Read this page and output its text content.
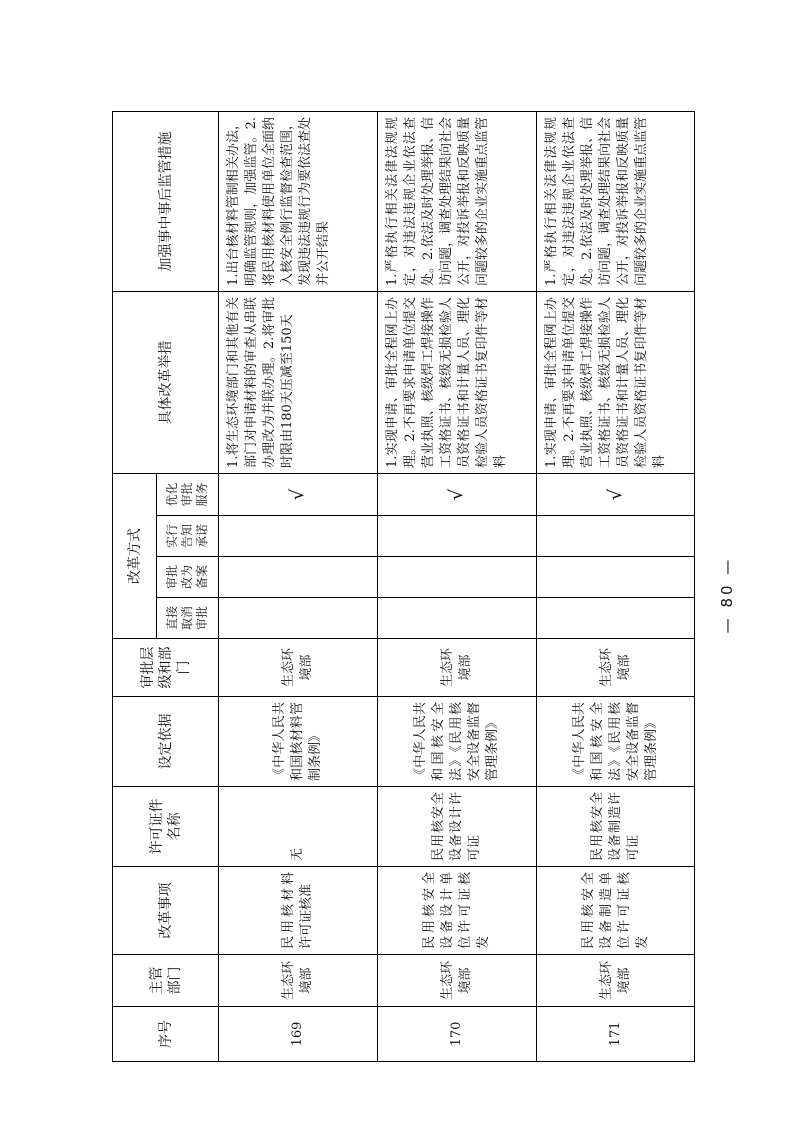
序号	主管部门	改革事项	许可证件名称	设定依据	审批层级和部门	改革方式				具体改革举措	加强事中事后监管措施
						直接取消审批	审批改为备案	实行告知承诺	优化审批服务		
169	生态环境部	民用核材料许可证核准	无	《中华人民共和国核材料管制条例》	生态环境部				√	1.将生态环境部门和其他有关部门对申请材料的审查从串联办理改为并联办理。2.将审批时限由180天压减至150天	1.出台核材料管制相关办法，明确监管规则，加强监管。2.将民用核材料使用单位全面纳入核安全例行监督检查范围，发现违法违规行为要依法查处并公开结果
170	生态环境部	民用核安全设备设计单位许可证核发	民用核安全设备设计许可证	《中华人民共和国核安全法》《民用核安全设备监督管理条例》	生态环境部				√	1.实现申请、审批全程网上办理。2.不再要求申请单位提交营业执照、核级焊工焊接操作工资格证书、核级无损检验人员资格证书和计量人员、理化检验人员资格证书复印件等材料	1.严格执行相关法律法规规定，对违法违规企业依法查处。2.依法及时处理举报、信访问题，调查处理结果向社会公开，对投诉举报和反映质量问题较多的企业实施重点监管
171	生态环境部	民用核安全设备制造单位许可证核发	民用核安全设备制造许可证	《中华人民共和国核安全法》《民用核安全设备监督管理条例》	生态环境部				√	1.实现申请、审批全程网上办理。2.不再要求申请单位提交营业执照、核级焊工焊接操作工资格证书、核级无损检验人员资格证书和计量人员、理化检验人员资格证书复印件等材料	1.严格执行相关法律法规规定，对违法违规企业依法查处。2.依法及时处理举报、信访问题，调查处理结果向社会公开，对投诉举报和反映质量问题较多的企业实施重点监管
— 80 —
